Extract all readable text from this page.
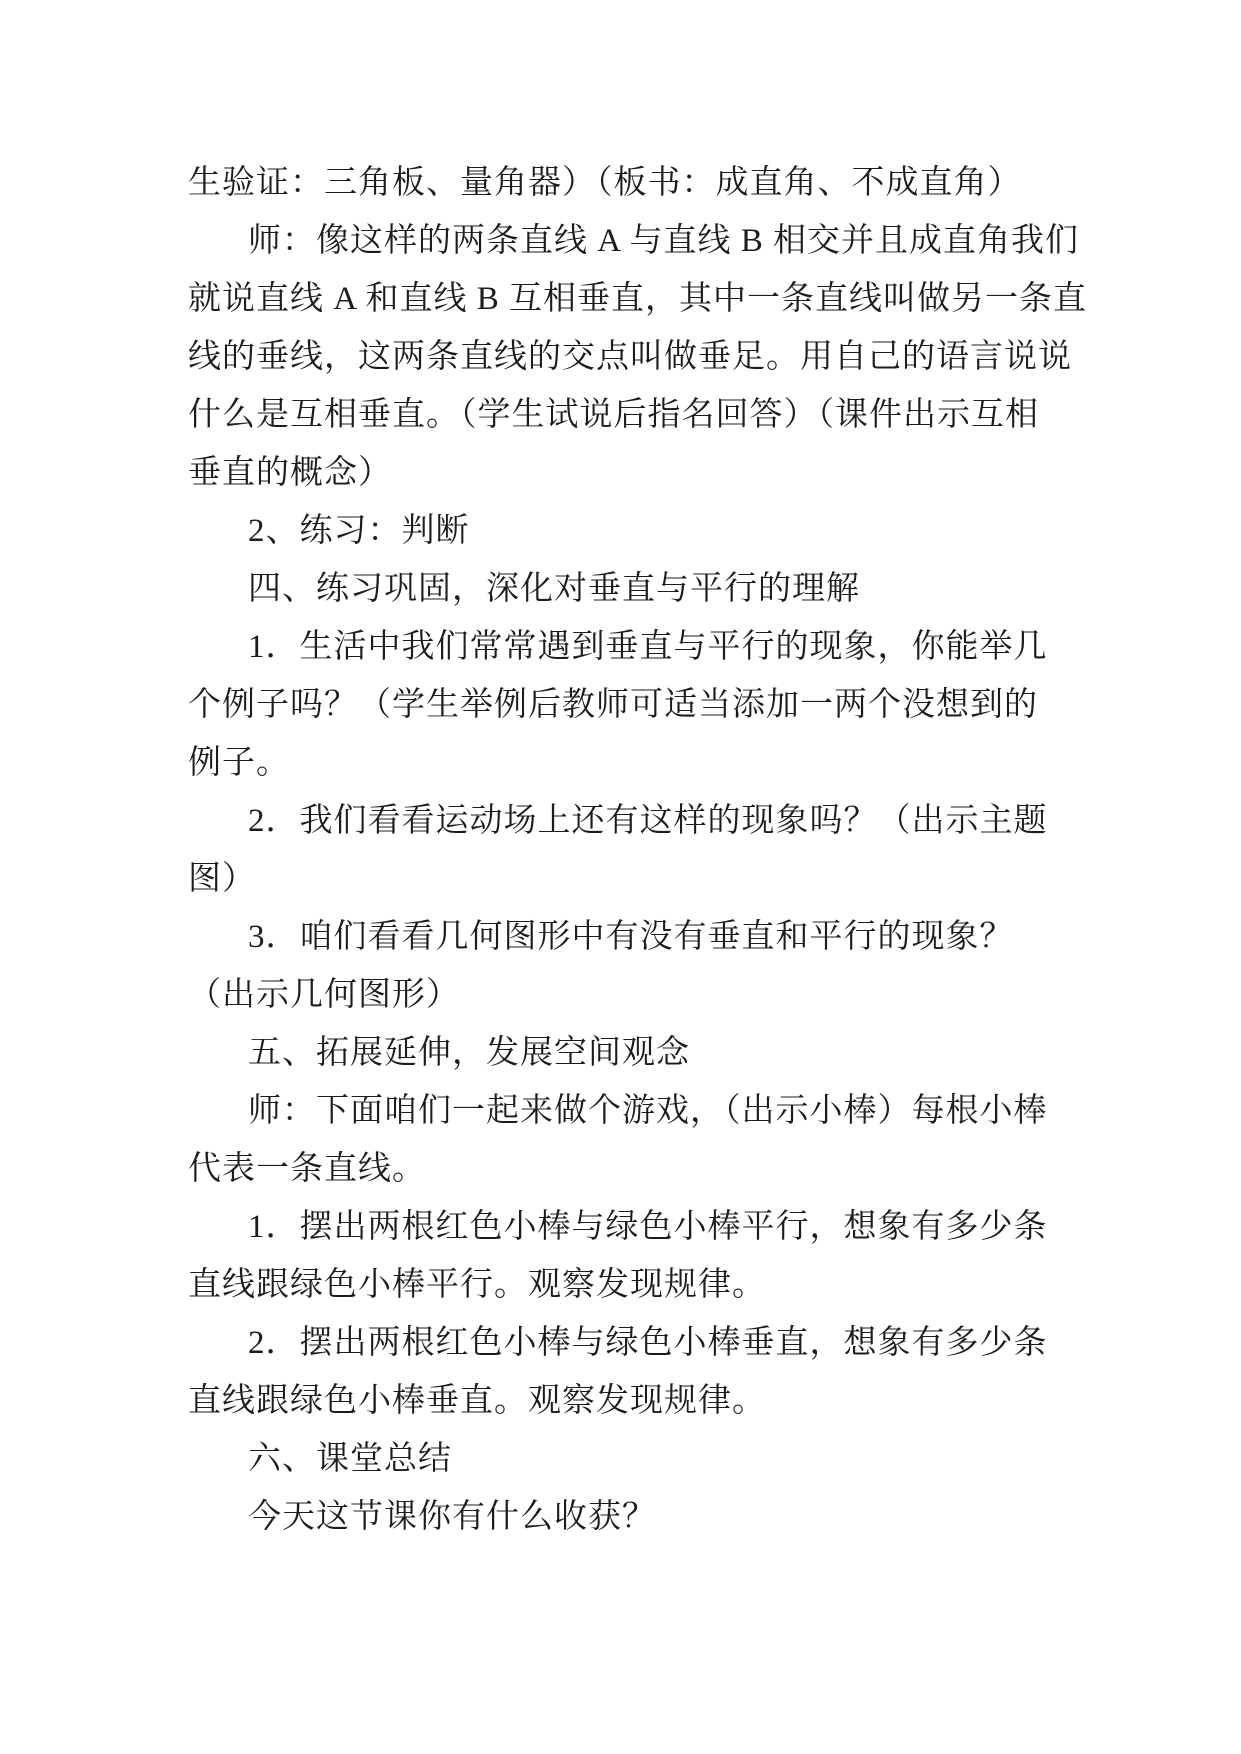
生验证：三角板、量角器）（板书：成直角、不成直角）
师：像这样的两条直线 A 与直线 B 相交并且成直角我们
就说直线 A 和直线 B 互相垂直，其中一条直线叫做另一条直
线的垂线，这两条直线的交点叫做垂足。用自己的语言说说
什么是互相垂直。（学生试说后指名回答）（课件出示互相
垂直的概念）
2、练习：判断
四、练习巩固，深化对垂直与平行的理解
1．生活中我们常常遇到垂直与平行的现象，你能举几
个例子吗？（学生举例后教师可适当添加一两个没想到的
例子。
2．我们看看运动场上还有这样的现象吗？（出示主题
图）
3．咱们看看几何图形中有没有垂直和平行的现象？
（出示几何图形）
五、拓展延伸，发展空间观念
师：下面咱们一起来做个游戏，（出示小棒）每根小棒
代表一条直线。
1．摆出两根红色小棒与绿色小棒平行，想象有多少条
直线跟绿色小棒平行。观察发现规律。
2．摆出两根红色小棒与绿色小棒垂直，想象有多少条
直线跟绿色小棒垂直。观察发现规律。
六、课堂总结
今天这节课你有什么收获？
